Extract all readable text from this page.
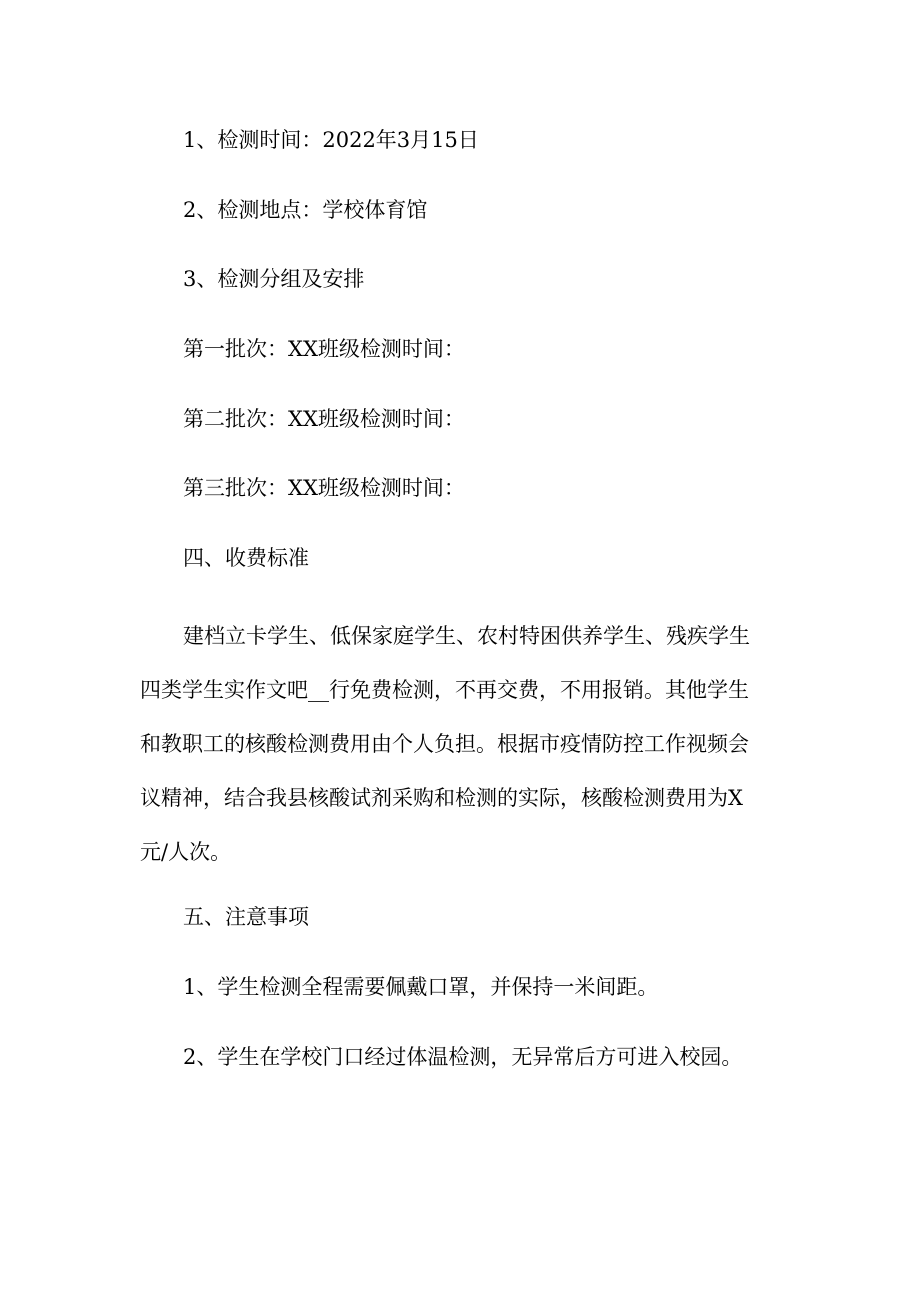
1、检测时间：2022年3月15日

2、检测地点：学校体育馆

3、检测分组及安排

第一批次：XX班级检测时间：

第二批次：XX班级检测时间：

第三批次：XX班级检测时间：

四、收费标准

建档立卡学生、低保家庭学生、农村特困供养学生、残疾学生
四类学生实作文吧__行免费检测，不再交费，不用报销。其他学生
和教职工的核酸检测费用由个人负担。根据市疫情防控工作视频会
议精神，结合我县核酸试剂采购和检测的实际，核酸检测费用为X
元/人次。

五、注意事项

1、学生检测全程需要佩戴口罩，并保持一米间距。

2、学生在学校门口经过体温检测，无异常后方可进入校园。
